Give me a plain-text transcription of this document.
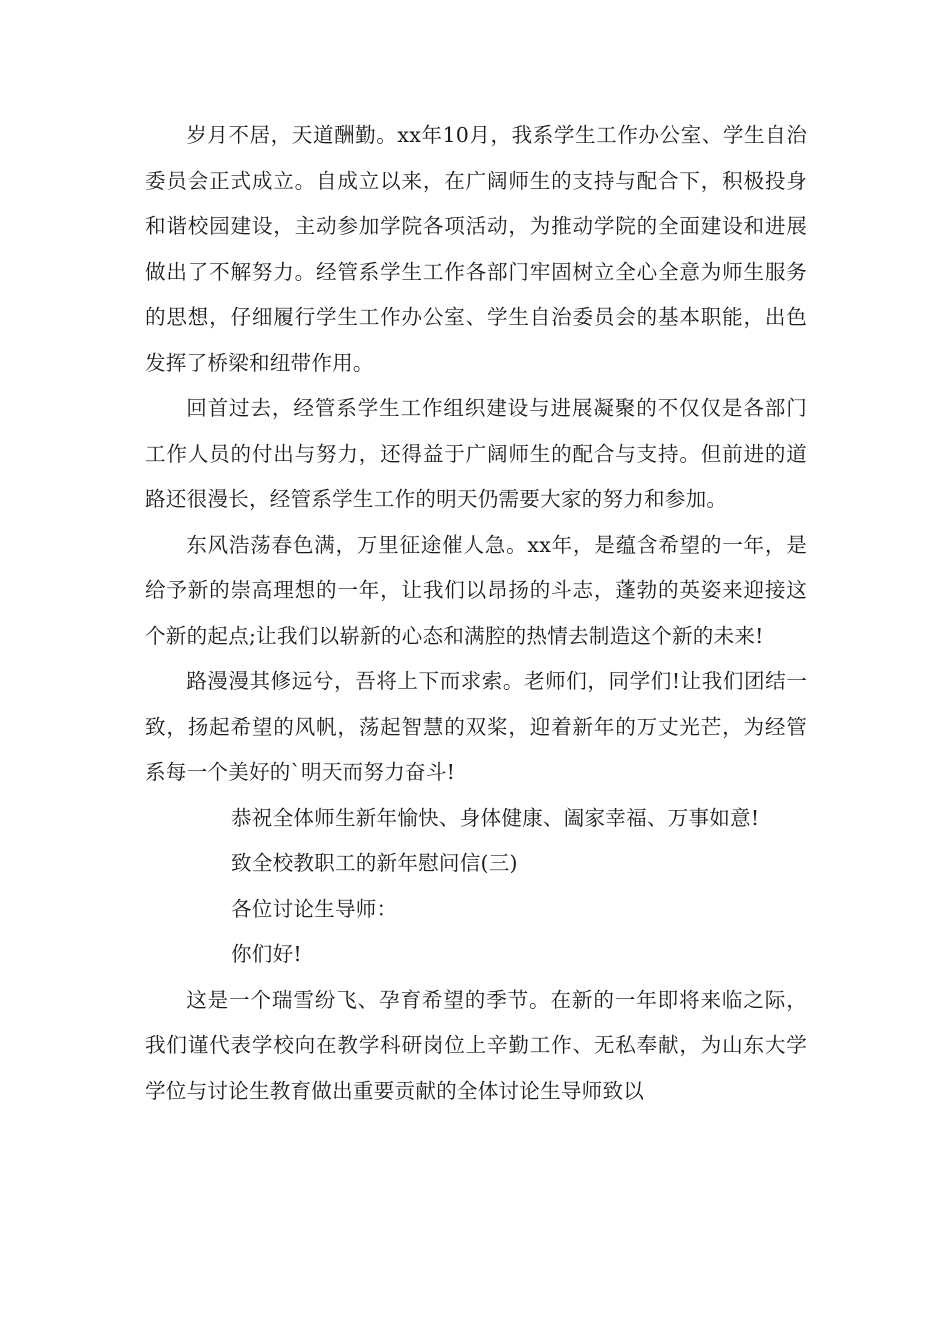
岁月不居，天道酬勤。xx年10月，我系学生工作办公室、学生自治委员会正式成立。自成立以来，在广阔师生的支持与配合下，积极投身和谐校园建设，主动参加学院各项活动，为推动学院的全面建设和进展做出了不解努力。经管系学生工作各部门牢固树立全心全意为师生服务的思想，仔细履行学生工作办公室、学生自治委员会的基本职能，出色发挥了桥梁和纽带作用。

回首过去，经管系学生工作组织建设与进展凝聚的不仅仅是各部门工作人员的付出与努力，还得益于广阔师生的配合与支持。但前进的道路还很漫长，经管系学生工作的明天仍需要大家的努力和参加。

东风浩荡春色满，万里征途催人急。xx年，是蕴含希望的一年，是给予新的崇高理想的一年，让我们以昂扬的斗志，蓬勃的英姿来迎接这个新的起点;让我们以崭新的心态和满腔的热情去制造这个新的未来!

路漫漫其修远兮，吾将上下而求索。老师们，同学们!让我们团结一致，扬起希望的风帆，荡起智慧的双桨，迎着新年的万丈光芒，为经管系每一个美好的`明天而努力奋斗!

恭祝全体师生新年愉快、身体健康、阖家幸福、万事如意!

致全校教职工的新年慰问信(三)

各位讨论生导师：

你们好!

这是一个瑞雪纷飞、孕育希望的季节。在新的一年即将来临之际，我们谨代表学校向在教学科研岗位上辛勤工作、无私奉献，为山东大学学位与讨论生教育做出重要贡献的全体讨论生导师致以
